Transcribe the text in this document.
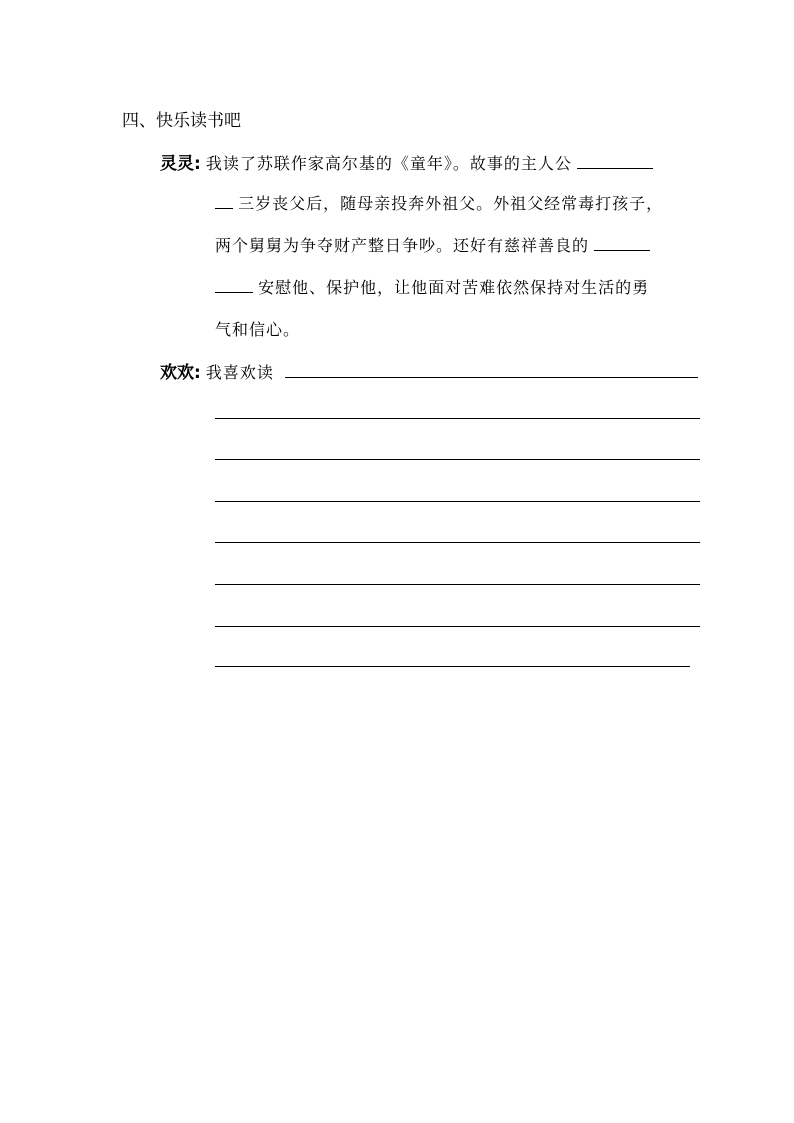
四、快乐读书吧
灵灵: 我读了苏联作家高尔基的《童年》。故事的主人公
三岁丧父后，随母亲投奔外祖父。外祖父经常毒打孩子，
两个舅舅为争夺财产整日争吵。还好有慈祥善良的
安慰他、保护他，让他面对苦难依然保持对生活的勇
气和信心。
欢欢: 我喜欢读
